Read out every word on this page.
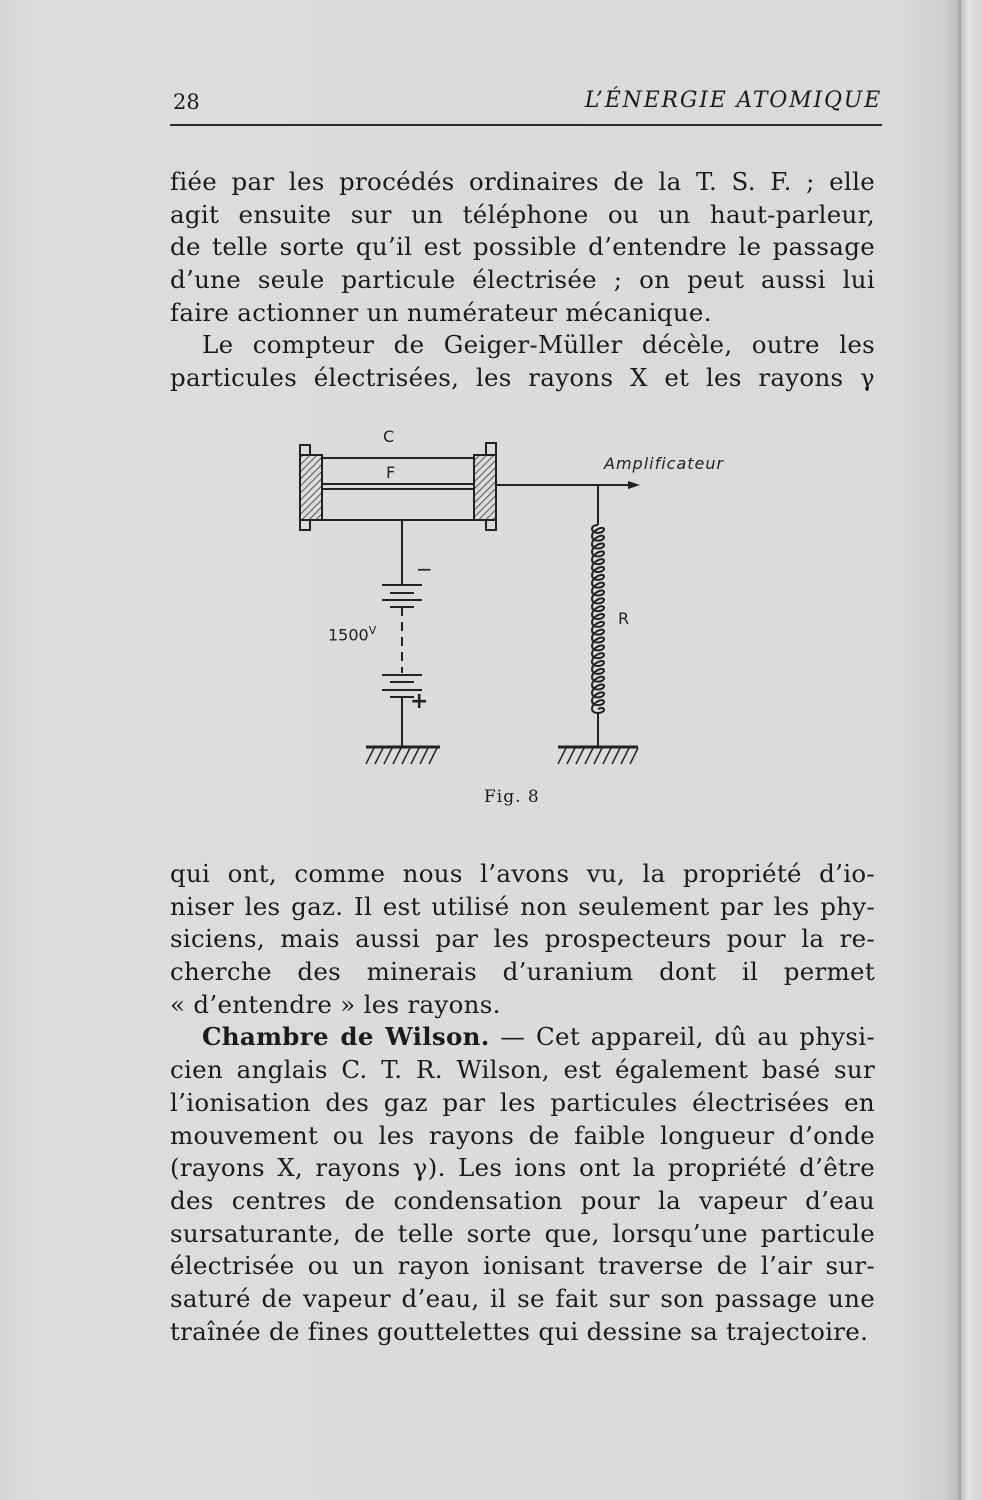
28	L’ÉNERGIE ATOMIQUE
fiée par les procédés ordinaires de la T. S. F. ; elle
agit ensuite sur un téléphone ou un haut-parleur,
de telle sorte qu’il est possible d’entendre le passage
d’une seule particule électrisée ; on peut aussi lui
faire actionner un numérateur mécanique.
Le compteur de Geiger-Müller décèle, outre les
particules électrisées, les rayons X et les rayons γ
C
F	Amplificateur
$1500^V$
−
+
R
Fig. 8
qui ont, comme nous l’avons vu, la propriété d’io-
niser les gaz. Il est utilisé non seulement par les phy-
siciens, mais aussi par les prospecteurs pour la re-
cherche des minerais d’uranium dont il permet
« d’entendre » les rayons.
Chambre de Wilson. — Cet appareil, dû au physi-
cien anglais C. T. R. Wilson, est également basé sur
l’ionisation des gaz par les particules électrisées en
mouvement ou les rayons de faible longueur d’onde
(rayons X, rayons γ). Les ions ont la propriété d’être
des centres de condensation pour la vapeur d’eau
sursaturante, de telle sorte que, lorsqu’une particule
électrisée ou un rayon ionisant traverse de l’air sur-
saturé de vapeur d’eau, il se fait sur son passage une
traînée de fines gouttelettes qui dessine sa trajectoire.
